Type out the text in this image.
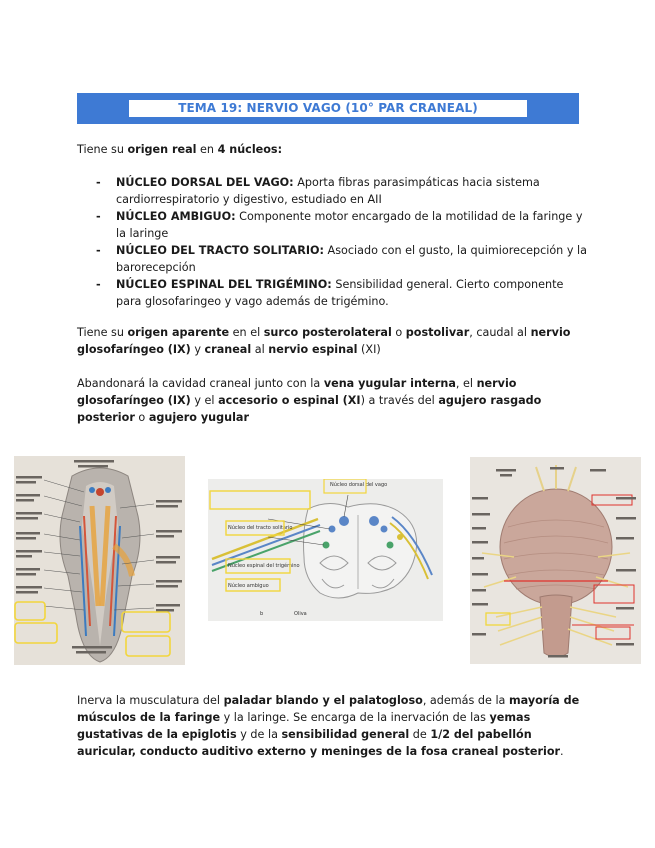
TEMA 19: NERVIO VAGO (10° PAR CRANEAL)

Tiene su origen real en 4 núcleos:

- NÚCLEO DORSAL DEL VAGO: Aporta fibras parasimpáticas hacia sistema cardiorrespiratorio y digestivo, estudiado en AII
- NÚCLEO AMBIGUO: Componente motor encargado de la motilidad de la faringe y la laringe
- NÚCLEO DEL TRACTO SOLITARIO: Asociado con el gusto, la quimiorecepción y la barorecepción
- NÚCLEO ESPINAL DEL TRIGÉMINO: Sensibilidad general. Cierto componente para glosofaringeo y vago además de trigémino.

Tiene su origen aparente en el surco posterolateral o postolivar, caudal al nervio glosofaríngeo (IX) y craneal al nervio espinal (XI)

Abandonará la cavidad craneal junto con la vena yugular interna, el nervio glosofaríngeo (IX) y el accesorio o espinal (XI) a través del agujero rasgado posterior o agujero yugular

Núcleo dorsal del vago
Núcleo del tracto solitario
Núcleo espinal del trigémino
Núcleo ambiguo
Oliva
b

Inerva la musculatura del paladar blando y el palatogloso, además de la mayoría de músculos de la faringe y la laringe. Se encarga de la inervación de las yemas gustativas de la epiglotis y de la sensibilidad general de 1/2 del pabellón auricular, conducto auditivo externo y meninges de la fosa craneal posterior.
